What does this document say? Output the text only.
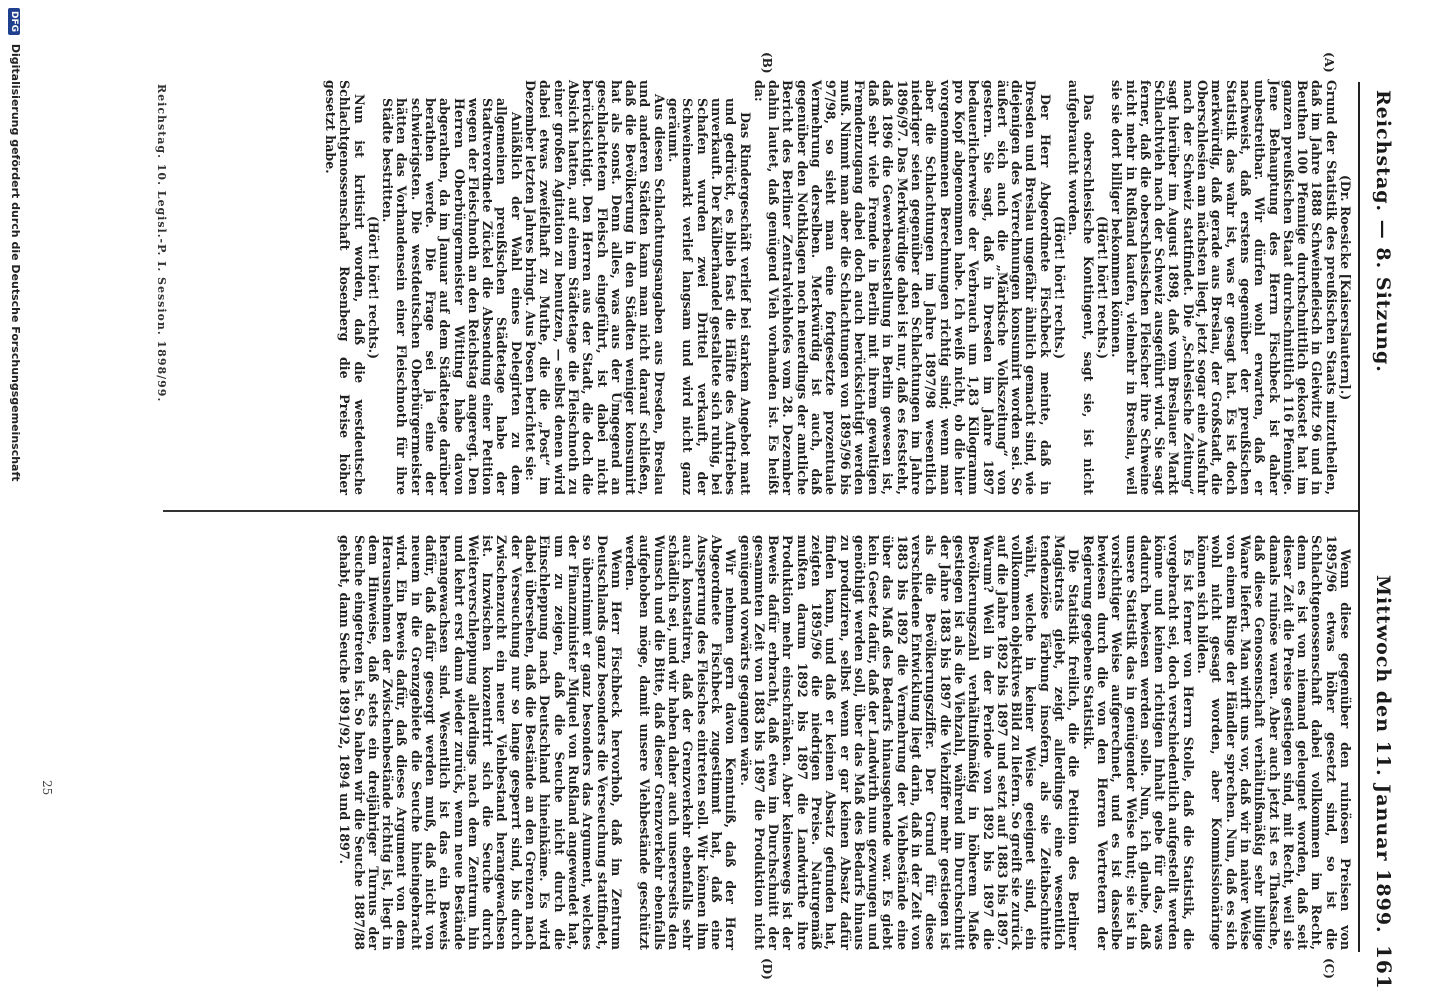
Reichstag. — 8. Sitzung.
Mittwoch den 11. Januar 1899.
161
(A)
(B)
(C)
(D)

(Dr. Roesicke [Kaiserslautern].)

Grund der Statistik des preußischen Staats mitzutheilen, daß im Jahre 1888 Schweinefleisch in Gleiwitz 96 und in Beuthen 100 Pfennige durchschnittlich gekostet hat im ganzen preußischen Staat durchschnittlich 116 Pfennige. Jene Behauptung des Herrn Fischbeck ist daher unbestreitbar. Wir dürfen wohl erwarten, daß er nachweist, daß erstens gegenüber der preußischen Statistik das wahr ist, was er gesagt hat. Es ist doch merkwürdig, daß gerade aus Breslau, der Großstadt, die Oberschlesien am nächsten liegt, jetzt sogar eine Ausfuhr nach der Schweiz stattfindet. Die „Schlesische Zeitung“ sagt hierüber im August 1898, daß vom Breslauer Markt Schlachtvieh nach der Schweiz ausgeführt wird. Sie sagt ferner, daß die oberschlesischen Fleischer ihre Schweine nicht mehr in Rußland kaufen, vielmehr in Breslau, weil sie sie dort billiger bekommen können.

(Hört! hört! rechts.)

Das oberschlesische Kontingent, sagt sie, ist nicht aufgebraucht worden.

(Hört! hört! rechts.)

Der Herr Abgeordnete Fischbeck meinte, daß in Dresden und Breslau ungefähr ähnlich gemacht sind, wie diejenigen des Verrechnungen konsumirt worden sei. So äußert sich auch die „Märkische Volkszeitung“ von gestern. Sie sagt, daß in Dresden im Jahre 1897 bedauerlicherweise der Verbrauch um 1,83 Kilogramm pro Kopf abgenommen habe. Ich weiß nicht, ob die hier vorgenommenen Berechnungen richtig sind; wenn man aber die Schlachtungen im Jahre 1897/98 wesentlich niedriger seien gegenüber den Schlachtungen im Jahre 1896/97. Das Merkwürdige dabei ist nur, daß es feststeht, daß 1896 die Gewerbeausstellung in Berlin gewesen ist, daß sehr viele Fremde in Berlin mit ihrem gewaltigen Fremdenzugang dabei doch auch berücksichtigt werden muß. Nimmt man aber die Schlachtungen von 1895/96 bis 97/98, so sieht man eine fortgesetzte prozentuale Vermehrung derselben. Merkwürdig ist auch, daß gegenüber den Nothklagen noch neuerdings der amtliche Bericht des Berliner Zentralviehhofes vom 28. Dezember dahin lautet, daß genügend Vieh vorhanden ist. Es heißt da:

Das Rindergeschäft verlief bei starkem Angebot matt und gedrückt, es blieb fast die Hälfte des Auftriebes unverkauft. Der Kälberhandel gestaltete sich ruhig, bei Schafen wurden zwei Drittel verkauft, der Schweinemarkt verlief langsam und wird nicht ganz geräumt.

Aus diesen Schlachtungsangaben aus Dresden, Breslau und anderen Städten kann man nicht darauf schließen, daß die Bevölkerung in den Städten weniger konsumirt hat als sonst. Denn alles, was aus der Umgegend an geschlachtetem Fleisch eingeführt, ist dabei nicht berücksichtigt. Den Herren aus der Stadt, die doch die Absicht hatten, auf einem Städtetage die Fleischnoth zu einer großen Agitation zu benutzen, — selbst denen wird dabei etwas zweifelhaft zu Muthe, die die „Post“ im Dezember letzten Jahres bringt. Aus Posen berichtet sie:

Anläßlich der Wahl eines Delegirten zu dem allgemeinen preußischen Städtetage habe der Stadtverordnete Zückel die Absendung einer Petition wegen der Fleischnoth an den Reichstag angeregt. Den Herren Oberbürgermeister Witting habe davon abgerathen, da im Januar auf dem Städtetage darüber berathen werde. Die Frage sei ja eine der schwierigsten. Die westdeutschen Oberbürgermeister hätten das Vorhandensein einer Fleischnoth für ihre Städte bestritten.

(Hört! hört! rechts.)

Nun ist kritisirt worden, daß die westdeutsche Schlachtgenossenschaft Rosenberg die Preise höher gesetzt habe.

Wenn diese gegenüber den ruinösen Preisen von 1895/96 etwas höher gesetzt sind, so ist die Schlachtgenossenschaft dabei vollkommen im Recht, denn es ist von niemand geleugnet worden, daß seit dieser Zeit die Preise gestiegen sind, mit Recht, weil sie damals ruinöse waren. Aber auch jetzt ist es Thatsache, daß diese Genossenschaft verhältnißmäßig sehr billige Waare liefert. Man wirft uns vor, daß wir in naiver Weise von einem Ringe der Händler sprechen. Nun, daß es sich wohl nicht gesagt worden, aber Kommissionäringe können sich bilden.

Es ist ferner von Herrn Stolle, daß die Statistik, die vorgebracht sei, doch verschiedentlich aufgestellt werden könne und keinen richtigen Inhalt gebe für das, was dadurch bewiesen werden solle. Nun, ich glaube, daß unsere Statistik das in genügender Weise thut; sie ist in vorsichtiger Weise aufgerechnet, und es ist dasselbe bewiesen durch die von den Herren Vertretern der Regierung gegebene Statistik.

Die Statistik freilich, die die Petition des Berliner Magistrats giebt, zeigt allerdings eine wesentlich tendenziöse Färbung insofern, als sie Zeitabschnitte wählt, welche in keiner Weise geeignet sind, ein vollkommen objektives Bild zu liefern. So greift sie zurück auf die Jahre 1892 bis 1897 und setzt auf 1883 bis 1897. Warum? Weil in der Periode von 1892 bis 1897 die Bevölkerungszahl verhältnißmäßig in höherem Maße gestiegen ist als die Viehzahl, während im Durchschnitt der Jahre 1883 bis 1897 die Viehziffer mehr gestiegen ist als die Bevölkerungsziffer. Der Grund für diese verschiedene Entwicklung liegt darin, daß in der Zeit von 1883 bis 1892 die Vermehrung der Viehbestände eine über das Maß des Bedarfs hinausgehende war. Es giebt kein Gesetz dafür, daß der Landwirth nun gezwungen und genöthigt werden soll, über das Maß des Bedarfs hinaus zu produziren, selbst wenn er gar keinen Absatz dafür finden kann, und daß er keinen Absatz gefunden hat, zeigten 1895/96 die niedrigen Preise. Naturgemäß mußten darum 1892 bis 1897 die Landwirthe ihre Produktion mehr einschränken. Aber keineswegs ist der Beweis dafür erbracht, daß etwa im Durchschnitt der gesammten Zeit von 1883 bis 1897 die Produktion nicht genügend vorwärts gegangen wäre.

Wir nehmen gern davon Kenntniß, daß der Herr Abgeordnete Fischbeck zugestimmt hat, daß eine Aussperrung des Fleisches eintreten soll. Wir können ihm auch konstatiren, daß der Grenzverkehr ebenfalls sehr schädlich sei, und wir haben daher auch unsererseits den Wunsch und die Bitte, daß dieser Grenzverkehr ebenfalls aufgehoben möge, damit unsere Viehbestände geschützt werden.

Wenn Herr Fischbeck hervorhob, daß im Zentrum Deutschlands ganz besonders die Verseuchung stattfindet, so übernimmt er ganz besonders das Argument, welches der Finanzminister Miquel von Rußland angewendet hat, um zu zeigen, daß die Seuche nicht durch die Einschleppung nach Deutschland hineinkäme. Es wird dabei übersehen, daß die Bestände an den Grenzen nach der Verseuchung nur so lange gesperrt sind, bis durch Zwischenzucht ein neuer Viehbestand herangewachsen ist. Inzwischen konzentrirt sich die Seuche durch Weiterverschleppung allerdings nach dem Zentrum hin und kehrt erst dann wieder zurück, wenn neue Bestände herangewachsen sind. Wesentlich ist das ein Beweis dafür, daß dafür gesorgt werden muß, daß nicht von neuem in die Grenzgebiete die Seuche hineingebracht wird. Ein Beweis dafür, daß dieses Argument von dem Herausnehmen der Zwischenbestände richtig ist, liegt in dem Hinweise, daß stets ein dreijähriger Turnus der Seuche eingetreten ist. So haben wir die Seuche 1887/88 gehabt, dann Seuche 1891/92, 1894 und 1897.

Reichstag. 10. Legisl.-P. I. Session. 1898/99.
25
DFG Digitalisierung gefördert durch die Deutsche Forschungsgemeinschaft
